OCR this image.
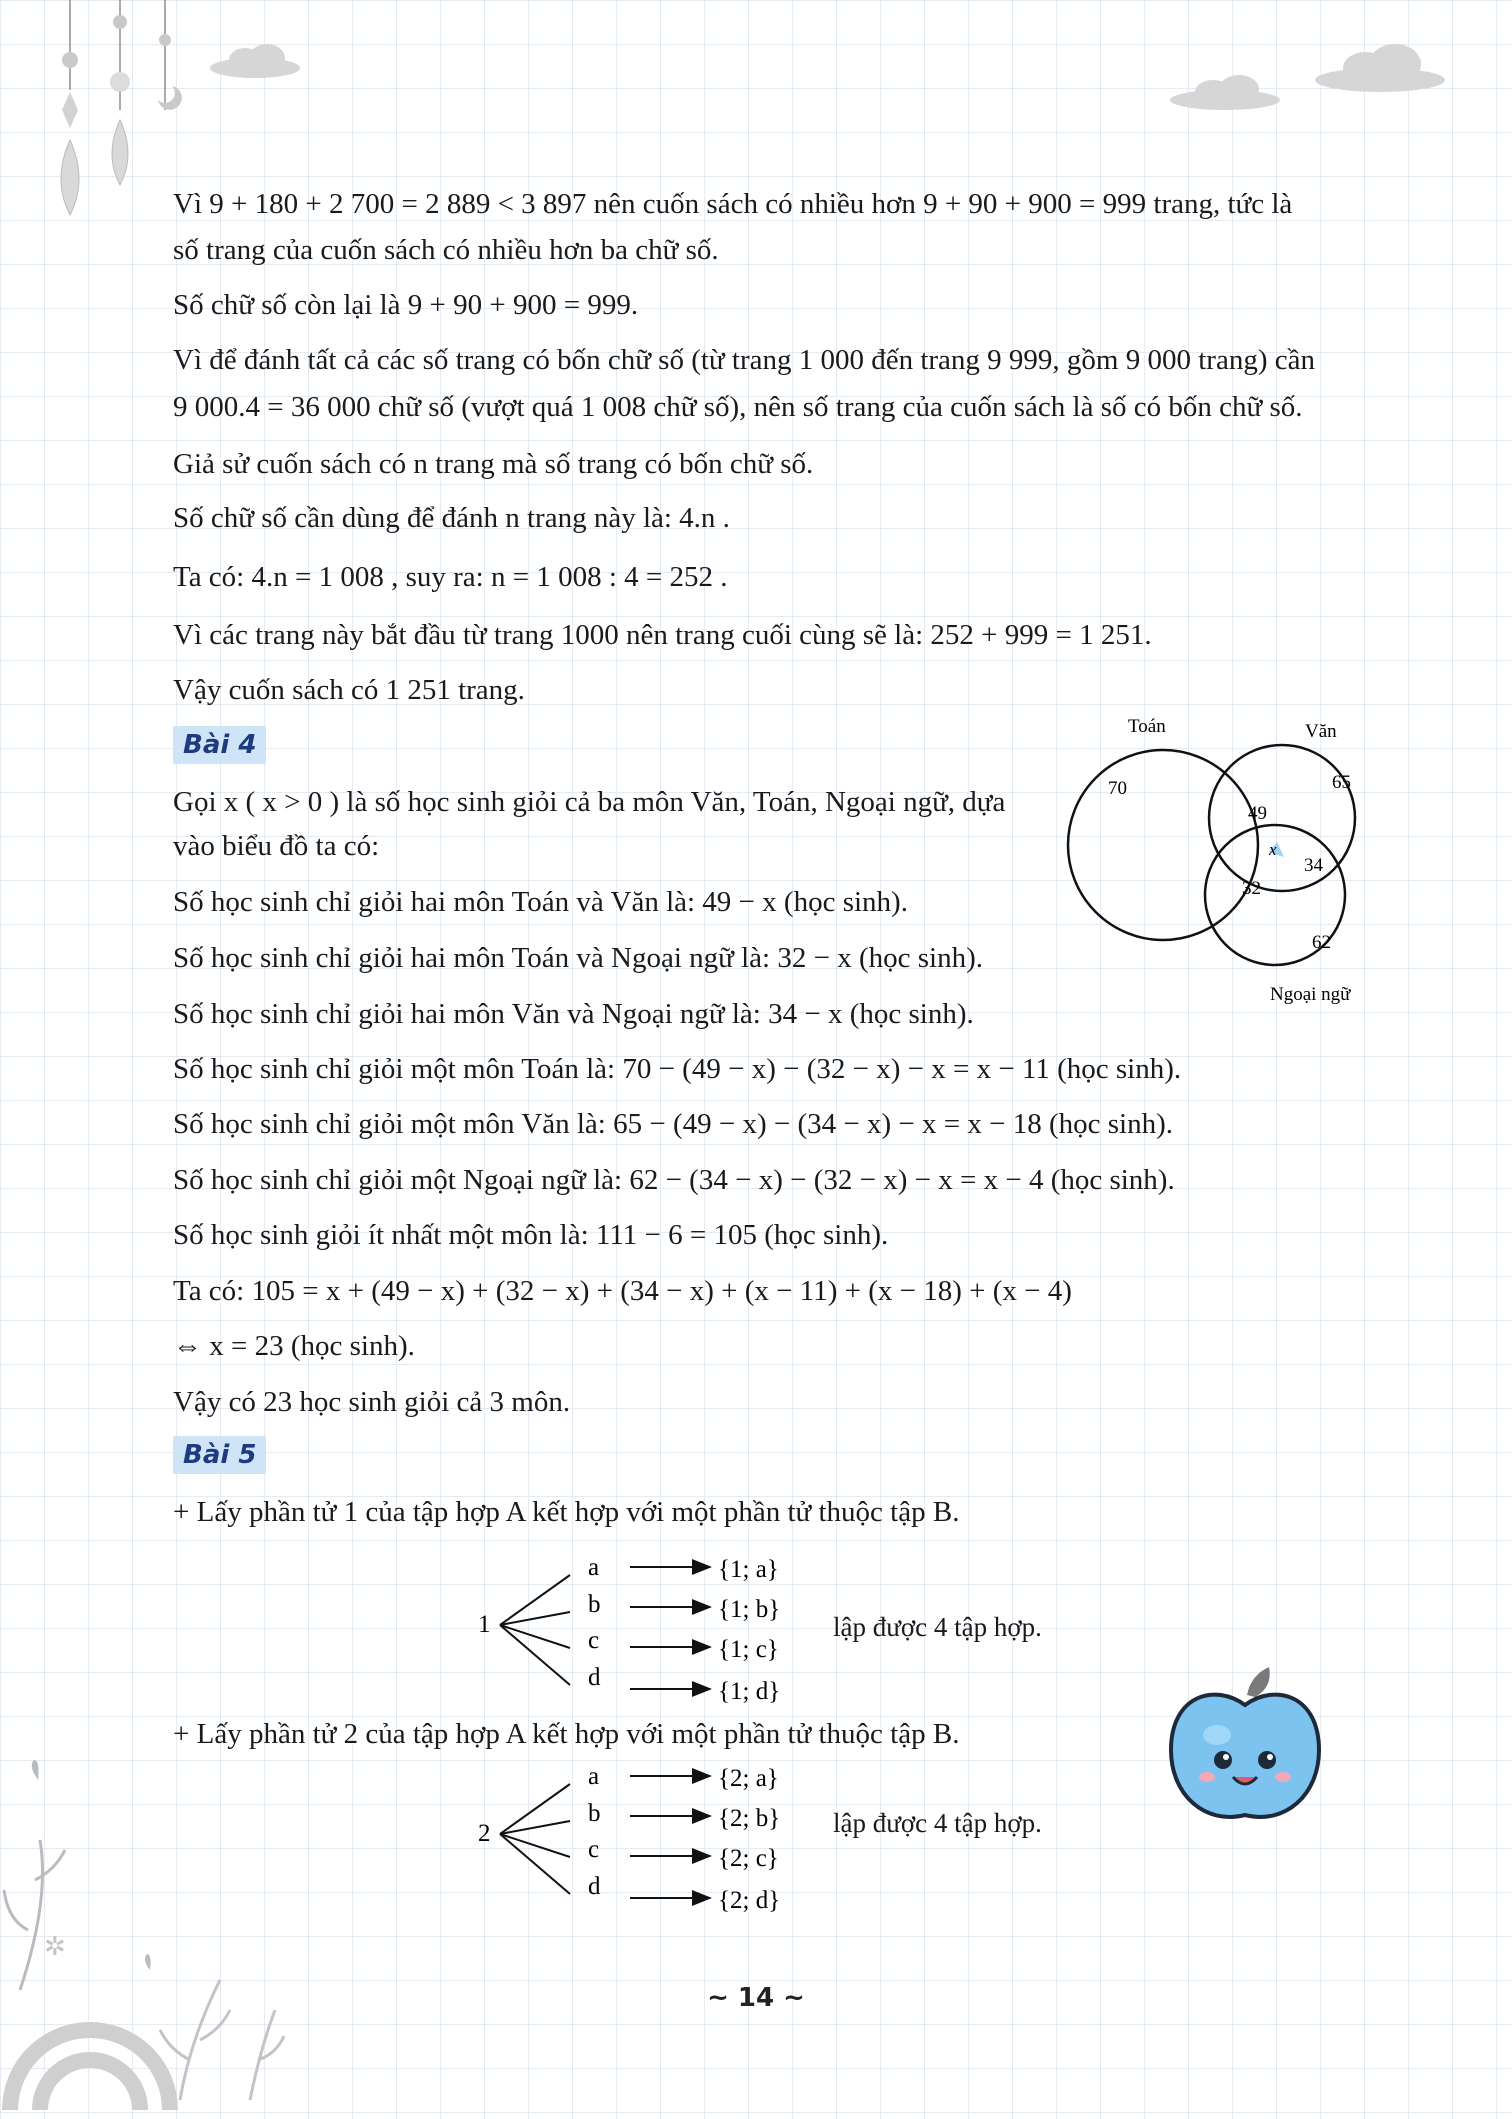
Vì 9 + 180 + 2 700 = 2 889 < 3 897 nên cuốn sách có nhiều hơn 9 + 90 + 900 = 999 trang, tức là
số trang của cuốn sách có nhiều hơn ba chữ số.
Số chữ số còn lại là 9 + 90 + 900 = 999.
Vì để đánh tất cả các số trang có bốn chữ số (từ trang 1 000 đến trang 9 999, gồm 9 000 trang) cần
9 000.4 = 36 000 chữ số (vượt quá 1 008 chữ số), nên số trang của cuốn sách là số có bốn chữ số.
Giả sử cuốn sách có n trang mà số trang có bốn chữ số.
Số chữ số cần dùng để đánh n trang này là: 4.n .
Ta có: 4.n = 1 008 , suy ra: n = 1 008 : 4 = 252 .
Vì các trang này bắt đầu từ trang 1000 nên trang cuối cùng sẽ là: 252 + 999 = 1 251.
Vậy cuốn sách có 1 251 trang.
Bài 4
Gọi x ( x > 0 ) là số học sinh giỏi cả ba môn Văn, Toán, Ngoại ngữ, dựa
vào biểu đồ ta có:
Số học sinh chỉ giỏi hai môn Toán và Văn là: 49 − x (học sinh).
Số học sinh chỉ giỏi hai môn Toán và Ngoại ngữ là: 32 − x (học sinh).
Số học sinh chỉ giỏi hai môn Văn và Ngoại ngữ là: 34 − x (học sinh).
Số học sinh chỉ giỏi một môn Toán là: 70 − (49 − x) − (32 − x) − x = x − 11 (học sinh).
Số học sinh chỉ giỏi một môn Văn là: 65 − (49 − x) − (34 − x) − x = x − 18 (học sinh).
Số học sinh chỉ giỏi một Ngoại ngữ là: 62 − (34 − x) − (32 − x) − x = x − 4 (học sinh).
Số học sinh giỏi ít nhất một môn là: 111 − 6 = 105 (học sinh).
Ta có: 105 = x + (49 − x) + (32 − x) + (34 − x) + (x − 11) + (x − 18) + (x − 4)
⇔ x = 23 (học sinh).
Vậy có 23 học sinh giỏi cả 3 môn.
Bài 5
+ Lấy phần tử 1 của tập hợp A kết hợp với một phần tử thuộc tập B.
+ Lấy phần tử 2 của tập hợp A kết hợp với một phần tử thuộc tập B.
Toán	Văn
Ngoại ngữ
70	65
62
49
34
32
x
1
a
b
c
d
{1; a}
{1; b}
{1; c}
{1; d}
lập được 4 tập hợp.
2
a
b
c
d
{2; a}
{2; b}
{2; c}
{2; d}
lập được 4 tập hợp.
✲
~ 14 ~
